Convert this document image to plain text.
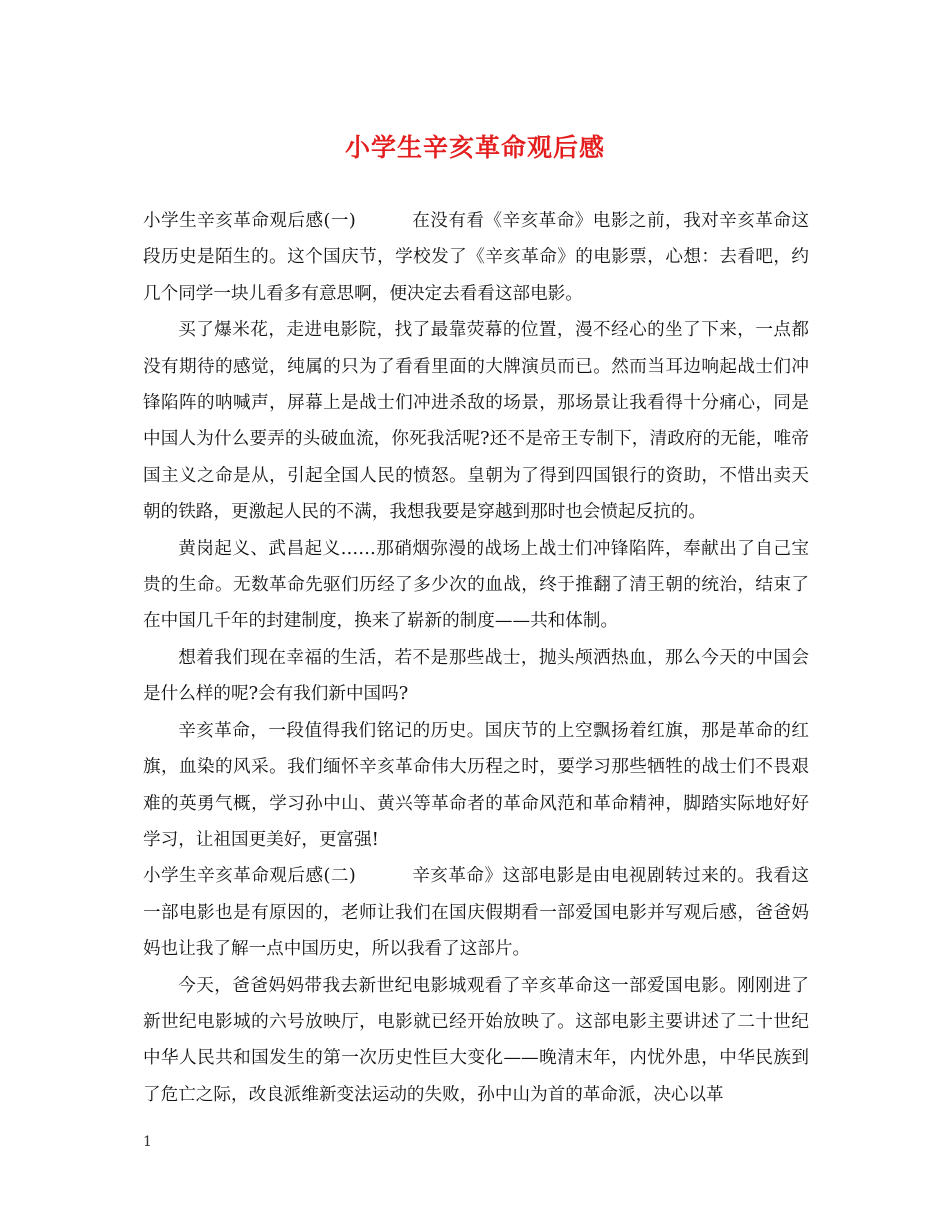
小学生辛亥革命观后感

小学生辛亥革命观后感(一)	在没有看《辛亥革命》电影之前，我对辛亥革命这段历史是陌生的。这个国庆节，学校发了《辛亥革命》的电影票，心想：去看吧，约几个同学一块儿看多有意思啊，便决定去看看这部电影。

买了爆米花，走进电影院，找了最靠荧幕的位置，漫不经心的坐了下来，一点都没有期待的感觉，纯属的只为了看看里面的大牌演员而已。然而当耳边响起战士们冲锋陷阵的呐喊声，屏幕上是战士们冲进杀敌的场景，那场景让我看得十分痛心，同是中国人为什么要弄的头破血流，你死我活呢?还不是帝王专制下，清政府的无能，唯帝国主义之命是从，引起全国人民的愤怒。皇朝为了得到四国银行的资助，不惜出卖天朝的铁路，更激起人民的不满，我想我要是穿越到那时也会愤起反抗的。

黄岗起义、武昌起义……那硝烟弥漫的战场上战士们冲锋陷阵，奉献出了自己宝贵的生命。无数革命先驱们历经了多少次的血战，终于推翻了清王朝的统治，结束了在中国几千年的封建制度，换来了崭新的制度——共和体制。

想着我们现在幸福的生活，若不是那些战士，抛头颅洒热血，那么今天的中国会是什么样的呢?会有我们新中国吗?

辛亥革命，一段值得我们铭记的历史。国庆节的上空飘扬着红旗，那是革命的红旗，血染的风采。我们缅怀辛亥革命伟大历程之时，要学习那些牺牲的战士们不畏艰难的英勇气概，学习孙中山、黄兴等革命者的革命风范和革命精神，脚踏实际地好好学习，让祖国更美好，更富强!

小学生辛亥革命观后感(二)	辛亥革命》这部电影是由电视剧转过来的。我看这一部电影也是有原因的，老师让我们在国庆假期看一部爱国电影并写观后感，爸爸妈妈也让我了解一点中国历史，所以我看了这部片。

今天，爸爸妈妈带我去新世纪电影城观看了辛亥革命这一部爱国电影。刚刚进了新世纪电影城的六号放映厅，电影就已经开始放映了。这部电影主要讲述了二十世纪中华人民共和国发生的第一次历史性巨大变化——晚清末年，内忧外患，中华民族到了危亡之际，改良派维新变法运动的失败，孙中山为首的革命派，决心以革

1
